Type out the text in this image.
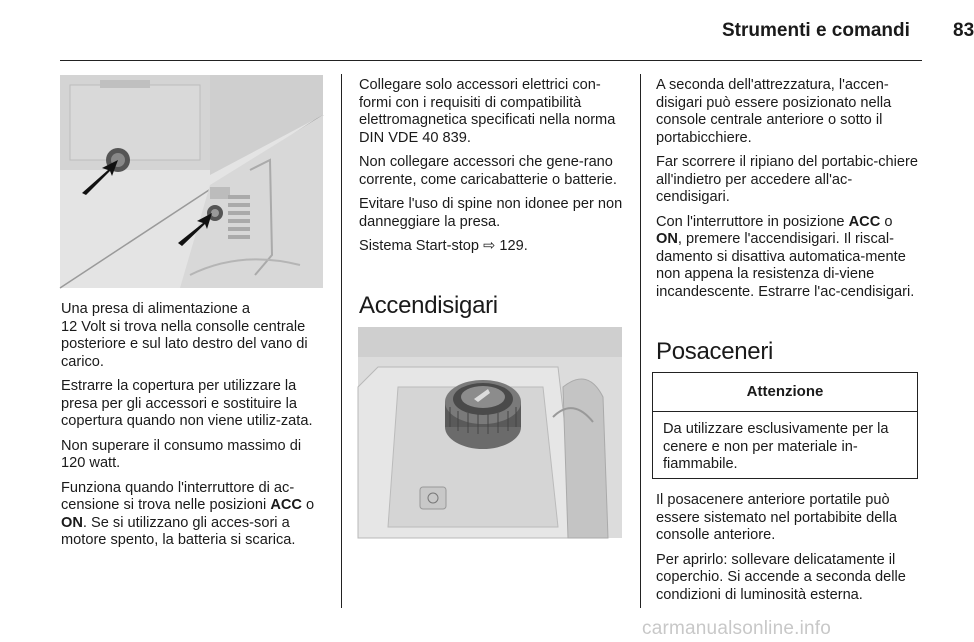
Strumenti e comandi 83

Una presa di alimentazione a
12 Volt si trova nella consolle centrale posteriore e sul lato destro del vano di carico.

Estrarre la copertura per utilizzare la presa per gli accessori e sostituire la copertura quando non viene utiliz-zata.

Non superare il consumo massimo di 120 watt.

Funziona quando l'interruttore di ac-censione si trova nelle posizioni ACC o ON. Se si utilizzano gli acces-sori a motore spento, la batteria si scarica.

Collegare solo accessori elettrici con-formi con i requisiti di compatibilità elettromagnetica specificati nella norma DIN VDE 40 839.

Non collegare accessori che gene-rano corrente, come caricabatterie o batterie.

Evitare l'uso di spine non idonee per non danneggiare la presa.

Sistema Start-stop ⇨ 129.

Accendisigari

A seconda dell'attrezzatura, l'accen-disigari può essere posizionato nella console centrale anteriore o sotto il portabicchiere.

Far scorrere il ripiano del portabic-chiere all'indietro per accedere all'ac-cendisigari.

Con l'interruttore in posizione ACC o ON, premere l'accendisigari. Il riscal-damento si disattiva automatica-mente non appena la resistenza di-viene incandescente. Estrarre l'ac-cendisigari.

Posaceneri
Attenzione
Da utilizzare esclusivamente per la cenere e non per materiale in-fiammabile.

Il posacenere anteriore portatile può essere sistemato nel portabibite della consolle anteriore.

Per aprirlo: sollevare delicatamente il coperchio. Si accende a seconda delle condizioni di luminosità esterna.

carmanualsonline.info
